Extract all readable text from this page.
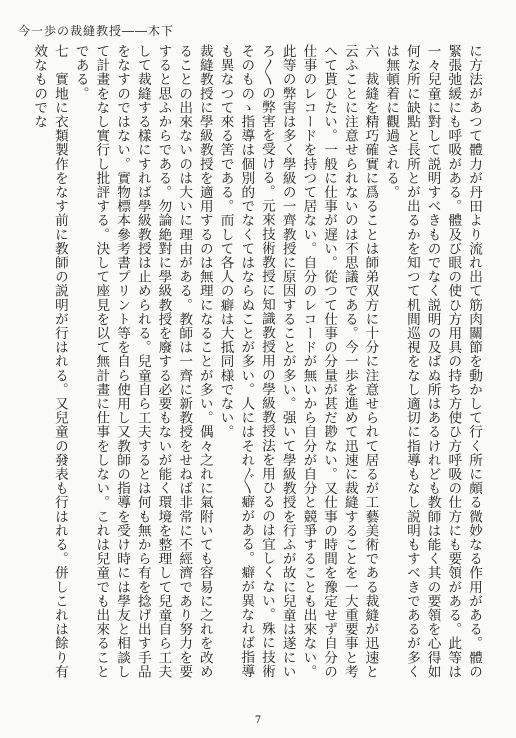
今一歩の裁縫教授――木下

に方法があつて體力が丹田より流れ出て筋肉關節を動かして行く所に頗る微妙なる作用がある。體の緊張弛緩にも呼吸がある。體及び眼の使ひ方用具の持ち方使ひ方呼吸の仕方にも要領がある。此等は一々兒童に對して説明すべきものでなく説明の及ばぬ所はあるけれども教師は能く其の要領を心得如何な所に缺點と長所とが出るかを知つて机間巡視をなし適切に指導もなし説明もすべきであるが多くは無頓着に觀過される。

六　裁縫を精巧確實に爲ることは師弟双方に十分に注意せられて居るが工藝美術である裁縫が迅速と云ふことに注意せられないのは不思議である。今一歩を進めて迅速に裁縫することを一大重要事と考へて貰ひたい。一般に仕事が遅い。從つて仕事の分量が甚だ尠ない。又仕事の時間を豫定せず自分の仕事のレコードを持つて居ない。自分のレコードが無いから自分が自分と競爭することも出來ない。此等の弊害は多く學級の一齊教授に原因することが多い。强いて學級教授を行ふが故に兒童は遂にいろ〳〵の弊害を受ける。元來技術教授に知識教授用の學級教授法を用ひるのは宜しくない。殊に技術そのものゝ指導は個別的でなくてはならぬことが多い。人にはそれ〴〵癖がある。癖が異なれば指導も異なつて來る筈である。而して各人の癖は大抵同様でない。

裁縫教授に學級教授を適用するのは無理になることが多い。偶々之れに氣附いても容易に之れを改めることの出來ないのは大いに理由がある。教師は一齊に新教授をせねば非常に不經濟であり努力を要すると思ふからである。勿論絶對に學級教授を廢する必要もないが能く環境を整理して兒童自ら工夫して裁縫する樣にすれば學級教授は止められる。兒童自ら工夫するとは何も無から有を捻げ出す手品をなすのではない。實物標本參考書プリント等を自ら使用し又教師の指導を受け時には學友と相談して計畫をなし實行し批評する。決して座見を以て無計畫に仕事をしない。これは兒童でも出來ることである。

七　實地に衣類製作をなす前に教師の説明が行はれる。又兒童の發表も行はれる。併しこれは餘り有效なものでな

7
